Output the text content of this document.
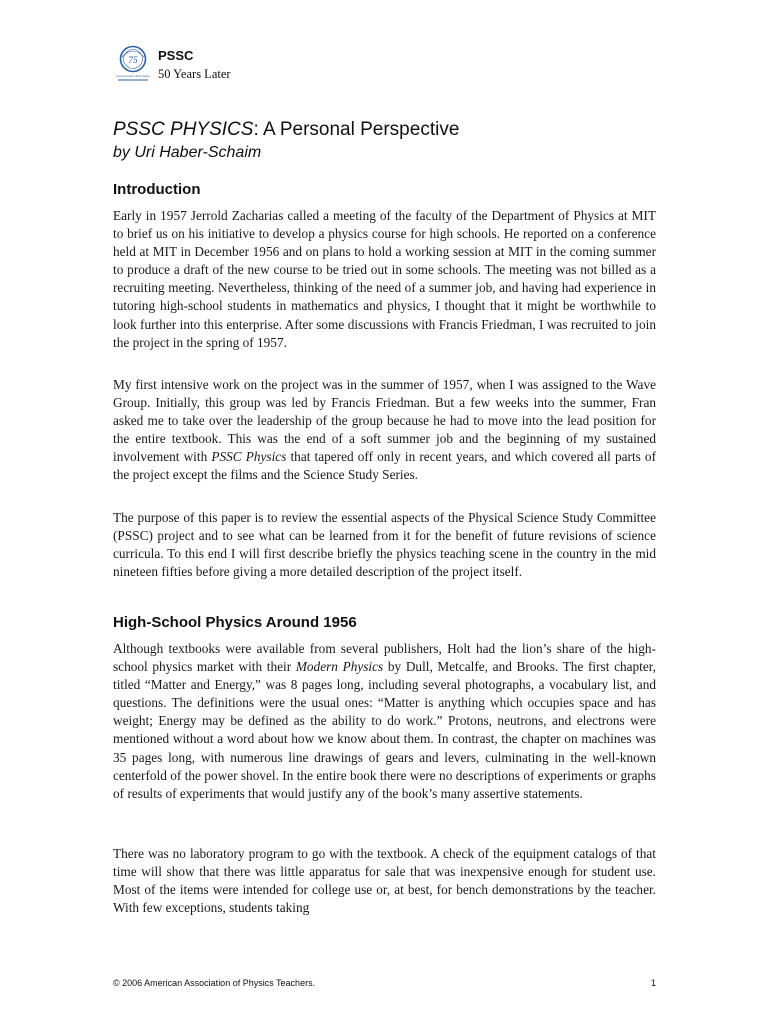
75
American Association of Physics Teachers
PSSC
50 Years Later
PSSC PHYSICS: A Personal Perspective

by Uri Haber-Schaim

Introduction

Early in 1957 Jerrold Zacharias called a meeting of the faculty of the Department of Physics at MIT to brief us on his initiative to develop a physics course for high schools. He reported on a conference held at MIT in December 1956 and on plans to hold a working session at MIT in the coming summer to produce a draft of the new course to be tried out in some schools. The meeting was not billed as a recruiting meeting. Nevertheless, thinking of the need of a summer job, and having had experience in tutoring high-school students in mathematics and physics, I thought that it might be worthwhile to look further into this enterprise. After some discussions with Francis Friedman, I was recruited to join the project in the spring of 1957.

My first intensive work on the project was in the summer of 1957, when I was assigned to the Wave Group. Initially, this group was led by Francis Friedman. But a few weeks into the summer, Fran asked me to take over the leadership of the group because he had to move into the lead position for the entire textbook. This was the end of a soft summer job and the beginning of my sustained involvement with PSSC Physics that tapered off only in recent years, and which covered all parts of the project except the films and the Science Study Series.

The purpose of this paper is to review the essential aspects of the Physical Science Study Committee (PSSC) project and to see what can be learned from it for the benefit of future revisions of science curricula. To this end I will first describe briefly the physics teaching scene in the country in the mid nineteen fifties before giving a more detailed description of the project itself.

High-School Physics Around 1956

Although textbooks were available from several publishers, Holt had the lion’s share of the high-school physics market with their Modern Physics by Dull, Metcalfe, and Brooks. The first chapter, titled “Matter and Energy,” was 8 pages long, including several photographs, a vocabulary list, and questions. The definitions were the usual ones: “Matter is anything which occupies space and has weight; Energy may be defined as the ability to do work.” Protons, neutrons, and electrons were mentioned without a word about how we know about them. In contrast, the chapter on machines was 35 pages long, with numerous line drawings of gears and levers, culminating in the well-known centerfold of the power shovel. In the entire book there were no descriptions of experiments or graphs of results of experiments that would justify any of the book’s many assertive statements.

There was no laboratory program to go with the textbook. A check of the equipment catalogs of that time will show that there was little apparatus for sale that was inexpensive enough for student use. Most of the items were intended for college use or, at best, for bench demonstrations by the teacher. With few exceptions, students taking

© 2006 American Association of Physics Teachers.	1
